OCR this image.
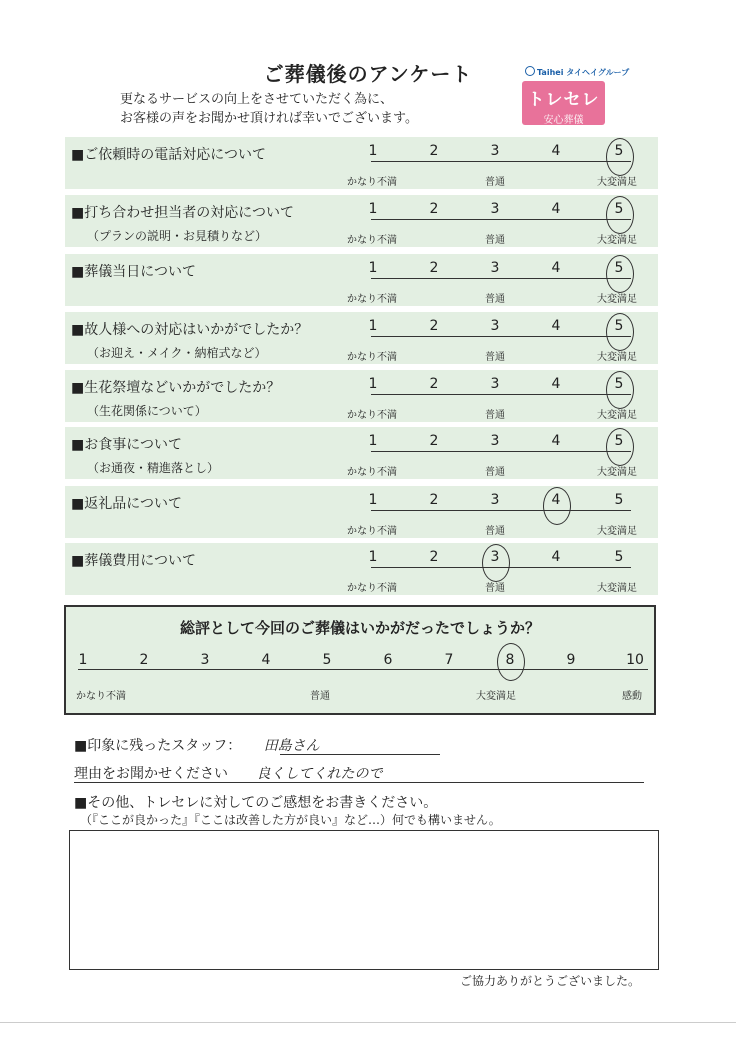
ご葬儀後のアンケート
更なるサービスの向上をさせていただく為に、
お客様の声をお聞かせ頂ければ幸いでございます。
Taihei タイヘイグループ
トレセレ
安心葬儀
■ご依頼時の電話対応について	1	2	3	4	5
かなり不満	普通	大変満足
■打ち合わせ担当者の対応について
（プランの説明・お見積りなど）
1	2	3	4	5
かなり不満	普通	大変満足
■葬儀当日について	1	2	3	4	5
かなり不満	普通	大変満足
■故人様への対応はいかがでしたか？
（お迎え・メイク・納棺式など）
1	2	3	4	5
かなり不満	普通	大変満足
■生花祭壇などいかがでしたか？
（生花関係について）
1	2	3	4	5
かなり不満	普通	大変満足
■お食事について
（お通夜・精進落とし）
1	2	3	4	5
かなり不満	普通	大変満足
■返礼品について	1	2	3	4	5
かなり不満	普通	大変満足
■葬儀費用について	1	2	3	4	5
かなり不満	普通	大変満足
総評として今回のご葬儀はいかがだったでしょうか？
1	2	3	4	5	6	7	8	9	10
かなり不満	普通	大変満足	感動
■印象に残ったスタッフ： 田島さん
理由をお聞かせください 良くしてくれたので
■その他、トレセレに対してのご感想をお書きください。
（『ここが良かった』『ここは改善した方が良い』など…）何でも構いません。
ご協力ありがとうございました。
